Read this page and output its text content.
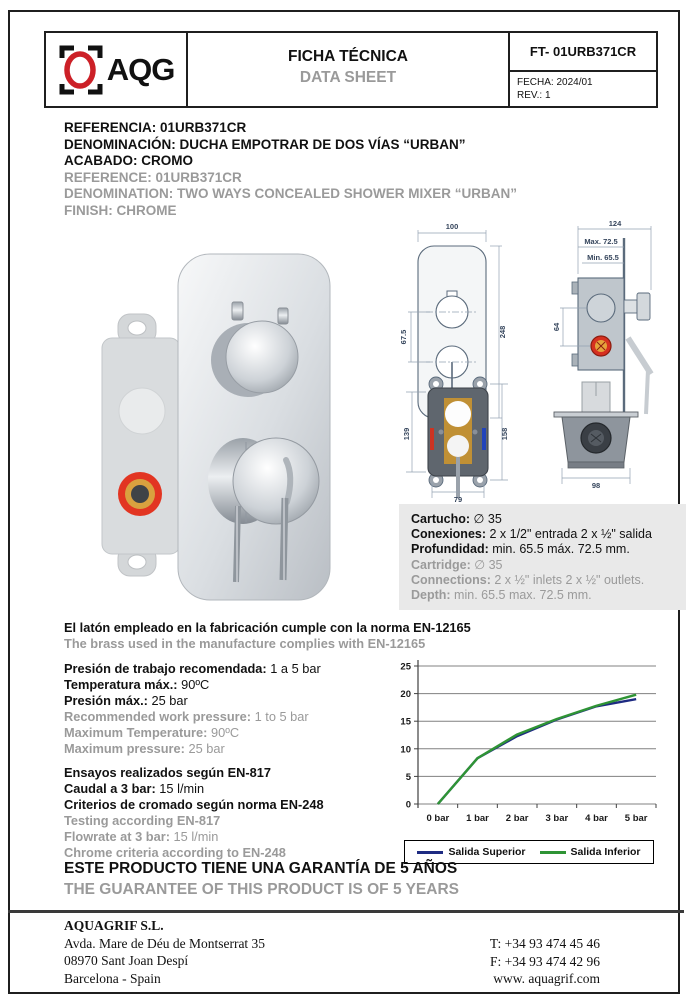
AQG	FICHA TÉCNICA
DATA SHEET
FT- 01URB371CR
FECHA: 2024/01
REV.: 1
REFERENCIA: 01URB371CR
DENOMINACIÓN: DUCHA EMPOTRAR DE DOS VÍAS “URBAN”
ACABADO: CROMO
REFERENCE: 01URB371CR
DENOMINATION: TWO WAYS CONCEALED SHOWER MIXER “URBAN”
FINISH: CHROME
100
248
67.5
124
Max. 72.5
Min. 65.5
64
139	158
79
98
Cartucho: ∅ 35
Conexiones: 2 x 1/2" entrada 2 x ½" salida
Profundidad: min. 65.5 máx. 72.5 mm.
Cartridge: ∅ 35
Connections: 2 x ½" inlets 2 x ½" outlets.
Depth: min. 65.5 max. 72.5 mm.
El latón empleado en la fabricación cumple con la norma EN-12165
The brass used in the manufacture complies with EN-12165
Presión de trabajo recomendada: 1 a 5 bar
Temperatura máx.: 90ºC
Presión máx.: 25 bar
Recommended work pressure: 1 to 5 bar
Maximum Temperature: 90ºC
Maximum pressure: 25 bar
Ensayos realizados según EN-817
Caudal a 3 bar: 15 l/min
Criterios de cromado según norma EN-248
Testing according EN-817
Flowrate at 3 bar: 15 l/min
Chrome criteria according to EN-248
0
5
10
15
20
25
0 bar 1 bar 2 bar 3 bar 4 bar 5 bar
Salida Superior	Salida Inferior
ESTE PRODUCTO TIENE UNA GARANTÍA DE 5 AÑOS
THE GUARANTEE OF THIS PRODUCT IS OF 5 YEARS
AQUAGRIF S.L.
Avda. Mare de Déu de Montserrat 35
08970 Sant Joan Despí
Barcelona - Spain
T: +34 93 474 45 46
F: +34 93 474 42 96
www. aquagrif.com
